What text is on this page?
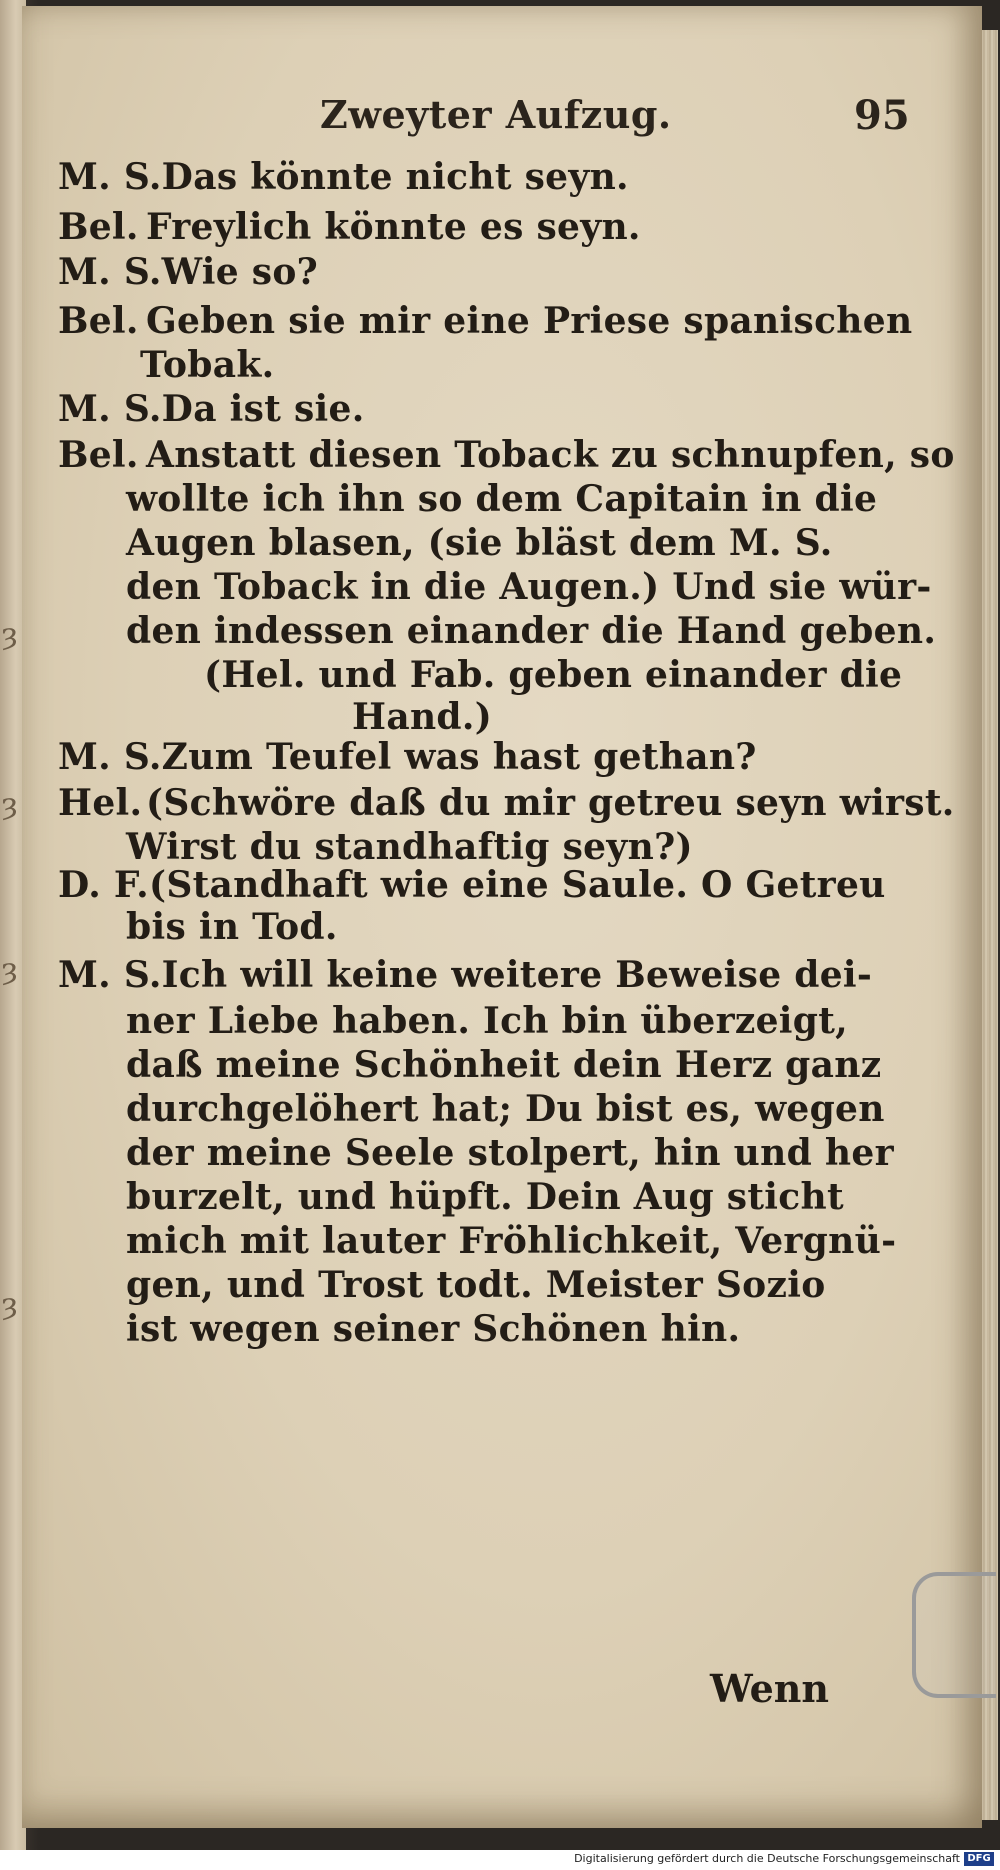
ȝ
ȝ
ȝ
ȝ
Zweyter Aufzug.	95
M. S.Das könnte nicht seyn.
Bel. Freylich könnte es seyn.
M. S.Wie so?
Bel. Geben sie mir eine Priese spanischen
Tobak.
M. S.Da ist sie.
Bel. Anstatt diesen Toback zu schnupfen, so
wollte ich ihn so dem Capitain in die
Augen blasen, (sie bläst dem M. S.
den Toback in die Augen.) Und sie wür-
den indessen einander die Hand geben.
(Hel. und Fab. geben einander die
Hand.)
M. S.Zum Teufel was hast gethan?
Hel. (Schwöre daß du mir getreu seyn wirst.
Wirst du standhaftig seyn?)
D. F.(Standhaft wie eine Saule. O Getreu
bis in Tod.
M. S.Ich will keine weitere Beweise dei-
ner Liebe haben. Ich bin überzeigt,
daß meine Schönheit dein Herz ganz
durchgelöhert hat; Du bist es, wegen
der meine Seele stolpert, hin und her
burzelt, und hüpft. Dein Aug sticht
mich mit lauter Fröhlichkeit, Vergnü-
gen, und Trost todt. Meister Sozio
ist wegen seiner Schönen hin.
Wenn
Digitalisierung gefördert durch die Deutsche Forschungsgemeinschaft DFG
